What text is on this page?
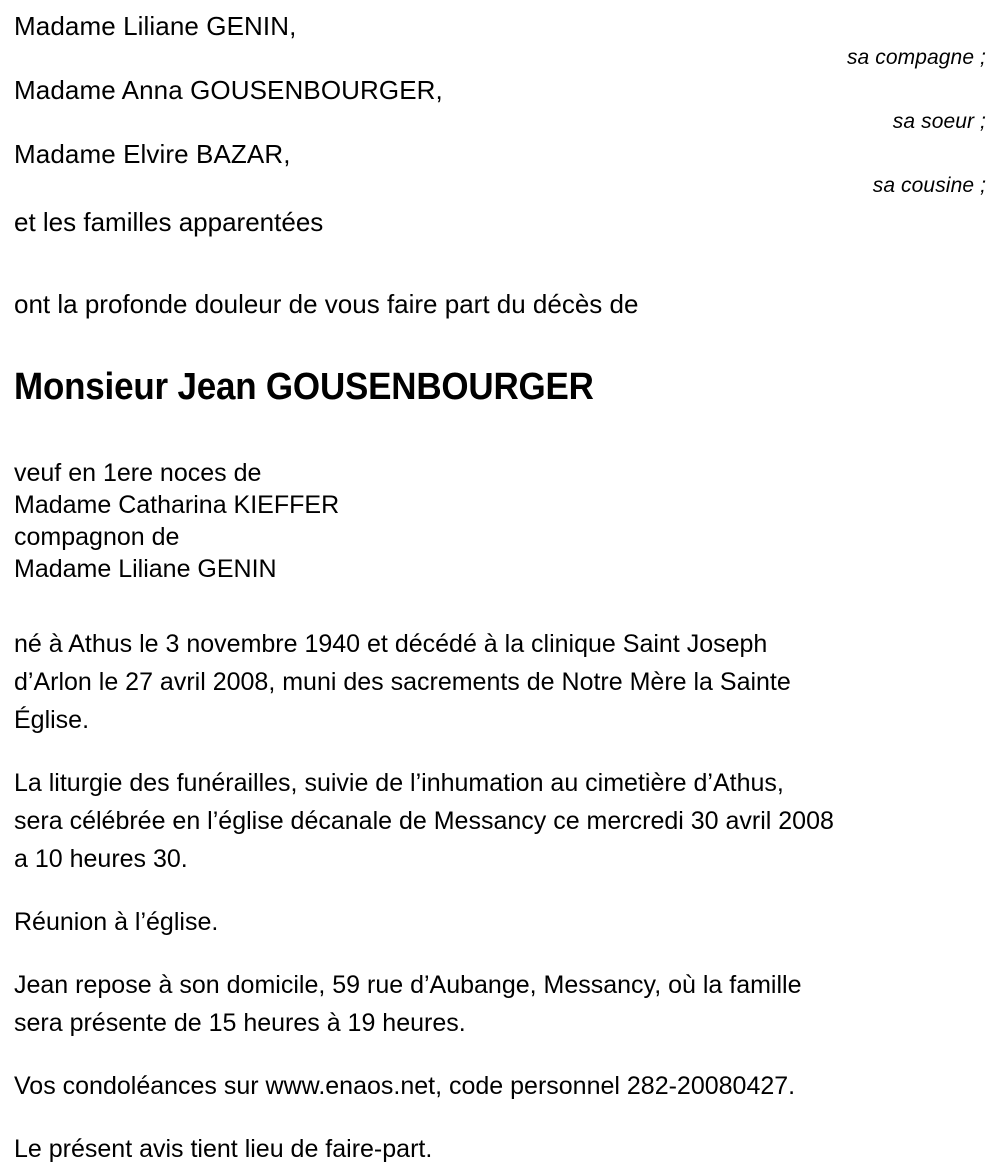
Madame Liliane GENIN,
sa compagne ;
Madame Anna GOUSENBOURGER,
sa soeur ;
Madame Elvire BAZAR,
sa cousine ;
et les familles apparentées
ont la profonde douleur de vous faire part du décès de
Monsieur Jean GOUSENBOURGER
veuf en 1ere noces de
Madame Catharina KIEFFER
compagnon de
Madame Liliane GENIN

né à Athus le 3 novembre 1940 et décédé à la clinique Saint Joseph
d’Arlon le 27 avril 2008, muni des sacrements de Notre Mère la Sainte
Église.

La liturgie des funérailles, suivie de l’inhumation au cimetière d’Athus,
sera célébrée en l’église décanale de Messancy ce mercredi 30 avril 2008
a 10 heures 30.

Réunion à l’église.

Jean repose à son domicile, 59 rue d’Aubange, Messancy, où la famille
sera présente de 15 heures à 19 heures.

Vos condoléances sur www.enaos.net, code personnel 282-20080427.

Le présent avis tient lieu de faire-part.
